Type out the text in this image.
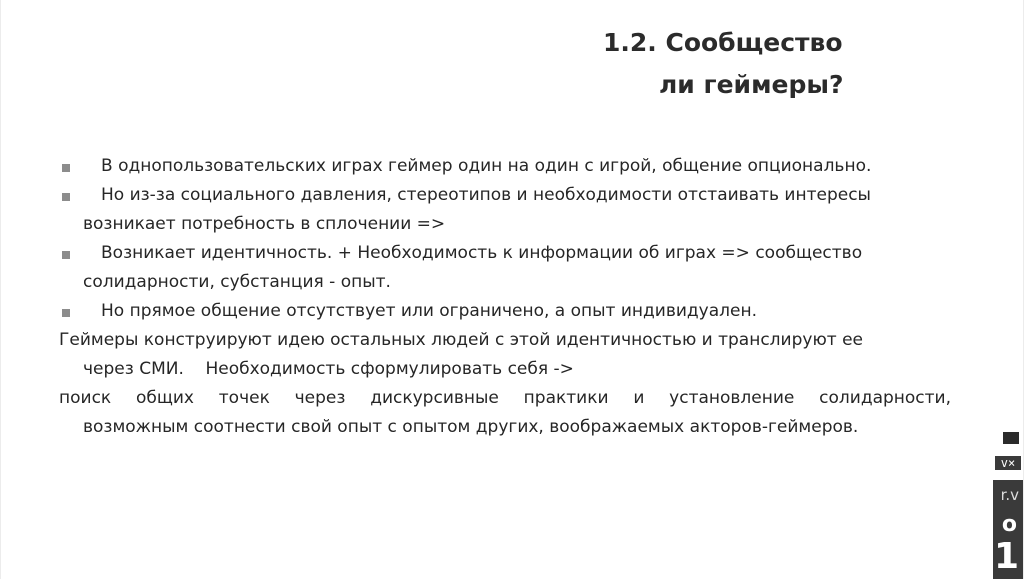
1.2. Сообщество
ли геймеры?
В однопользовательских играх геймер один на один с игрой, общение опционально.
Но из-за социального давления, стереотипов и необходимости отстаивать интересы
возникает потребность в сплочении =>
Возникает идентичность. + Необходимость к информации об играх => сообщество
солидарности, субстанция - опыт.
Но прямое общение отсутствует или ограничено, а опыт индивидуален.
Геймеры конструируют идею остальных людей с этой идентичностью и транслируют ее
через СМИ.    Необходимость сформулировать себя ->
поиск общих точек через дискурсивные практики и установление солидарности,
возможным соотнести свой опыт с опытом других, воображаемых акторов-геймеров.
v×
r.v
o
1
